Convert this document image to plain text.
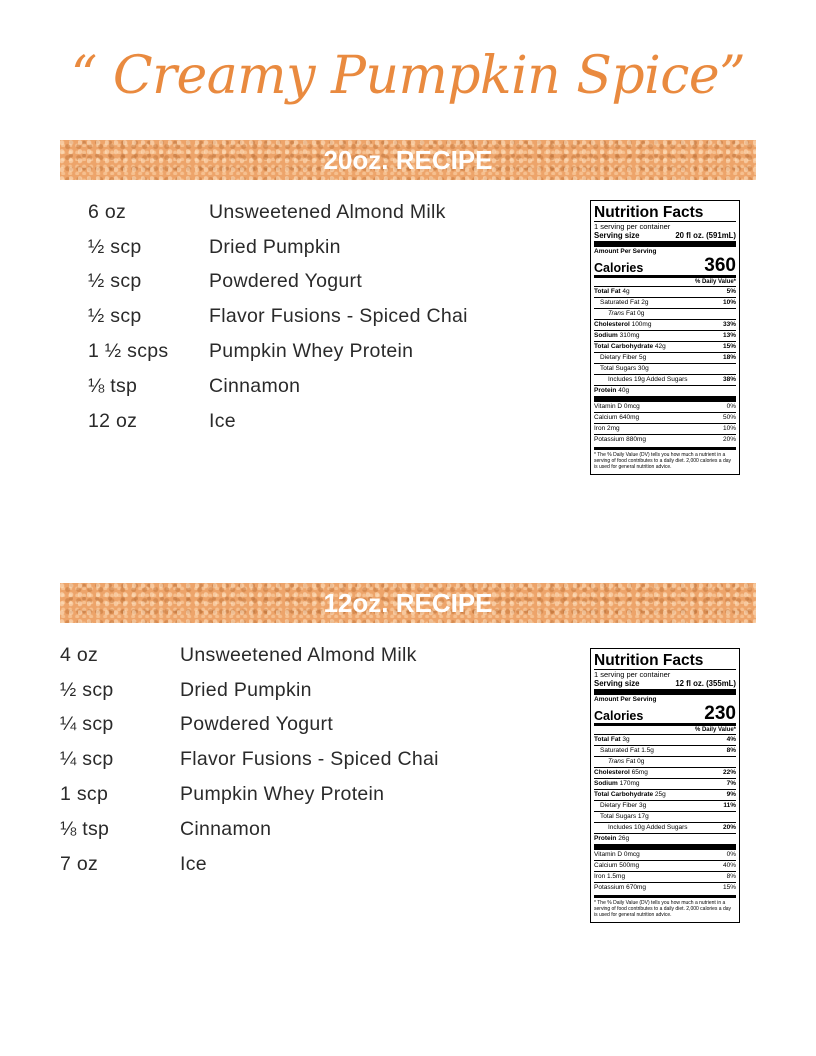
“ Creamy Pumpkin Spice”
20oz. RECIPE
6 oz	Unsweetened Almond Milk
½ scp	Dried Pumpkin
½ scp	Powdered Yogurt
½ scp	Flavor Fusions - Spiced Chai
1 ½ scps	Pumpkin Whey Protein
⅛ tsp	Cinnamon
12 oz	Ice
Nutrition Facts
1 serving per container
Serving size	20 fl oz. (591mL)
Amount Per Serving
Calories	360
% Daily Value*
Total Fat 4g	5%
Saturated Fat 2g	10%
Trans Fat 0g
Cholesterol 100mg	33%
Sodium 310mg	13%
Total Carbohydrate 42g	15%
Dietary Fiber 5g	18%
Total Sugars 30g
Includes 19g Added Sugars	38%
Protein 40g
Vitamin D 0mcg	0%
Calcium 640mg	50%
Iron 2mg	10%
Potassium 880mg	20%
* The % Daily Value (DV) tells you how much a nutrient in a serving of food contributes to a daily diet. 2,000 calories a day is used for general nutrition advice.
12oz. RECIPE
4 oz	Unsweetened Almond Milk
½ scp	Dried Pumpkin
¼ scp	Powdered Yogurt
¼ scp	Flavor Fusions - Spiced Chai
1 scp	Pumpkin Whey Protein
⅛ tsp	Cinnamon
7 oz	Ice
Nutrition Facts
1 serving per container
Serving size	12 fl oz. (355mL)
Amount Per Serving
Calories	230
% Daily Value*
Total Fat 3g	4%
Saturated Fat 1.5g	8%
Trans Fat 0g
Cholesterol 65mg	22%
Sodium 170mg	7%
Total Carbohydrate 25g	9%
Dietary Fiber 3g	11%
Total Sugars 17g
Includes 10g Added Sugars	20%
Protein 26g
Vitamin D 0mcg	0%
Calcium 500mg	40%
Iron 1.5mg	8%
Potassium 670mg	15%
* The % Daily Value (DV) tells you how much a nutrient in a serving of food contributes to a daily diet. 2,000 calories a day is used for general nutrition advice.
